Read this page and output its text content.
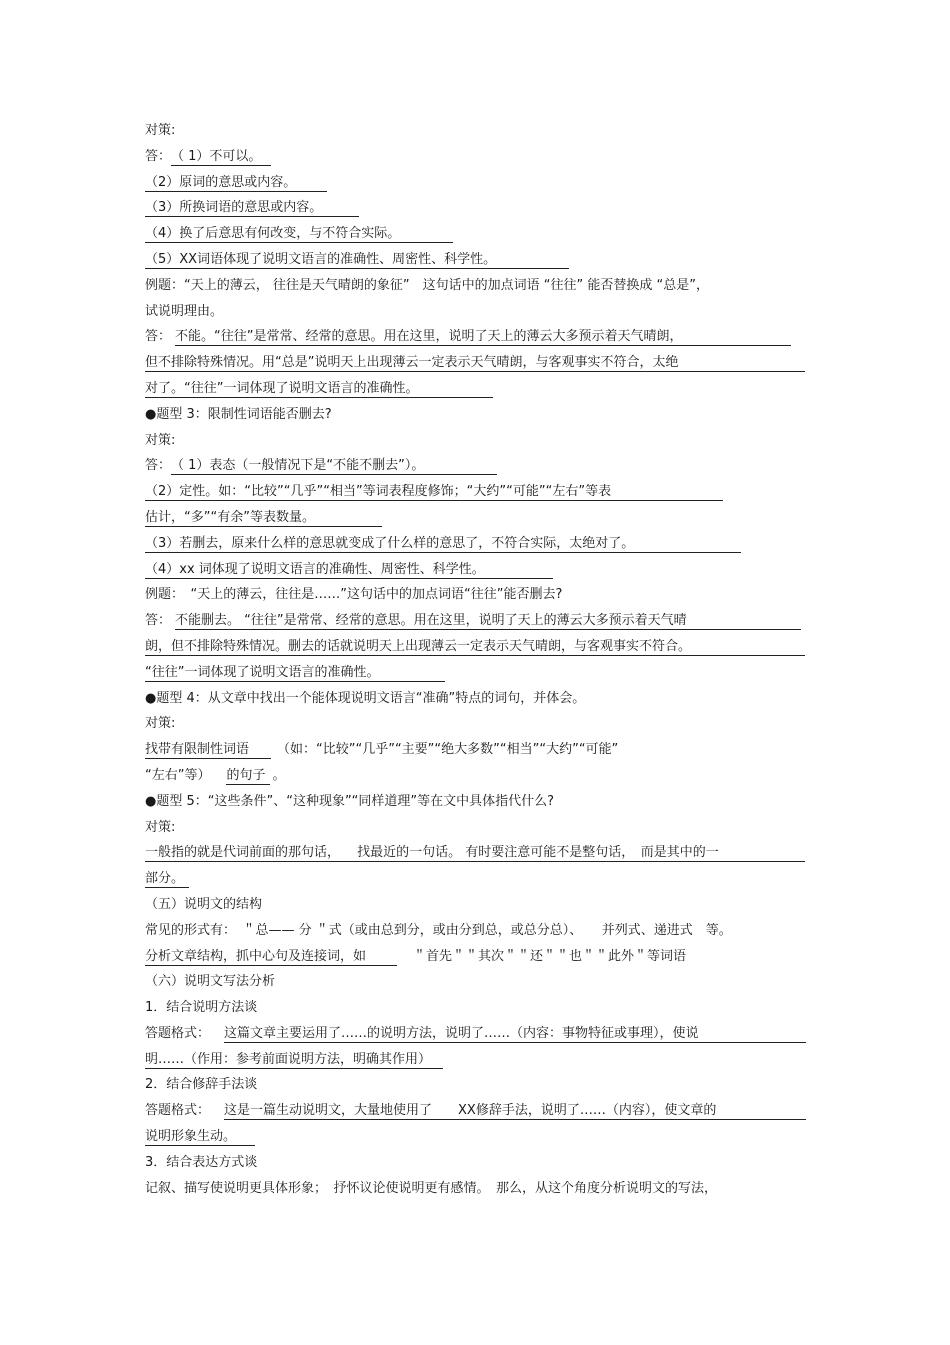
对策:
答：（ 1）不可以。
（2）原词的意思或内容。
（3）所换词语的意思或内容。
（4）换了后意思有何改变，与不符合实际。
（5）XX词语体现了说明文语言的准确性、周密性、科学性。
例题：“天上的薄云， 往往是天气晴朗的象征”　这句话中的加点词语 “往往” 能否替换成 “总是”，
试说明理由。
答： 不能。“往往”是常常、经常的意思。用在这里，说明了天上的薄云大多预示着天气晴朗，
但不排除特殊情况。用“总是”说明天上出现薄云一定表示天气晴朗，与客观事实不符合，太绝
对了。“往往”一词体现了说明文语言的准确性。
●题型 3：限制性词语能否删去?
对策:
答：（ 1）表态（一般情况下是“不能不删去”）。
（2）定性。如：“比较”“几乎”“相当”等词表程度修饰；“大约”“可能”“左右”等表
估计，“多”“有余”等表数量。
（3）若删去，原来什么样的意思就变成了什么样的意思了，不符合实际，太绝对了。
（4）xx 词体现了说明文语言的准确性、周密性、科学性。
例题：　“天上的薄云，往往是……”这句话中的加点词语“往往”能否删去?
答： 不能删去。 “往往”是常常、经常的意思。用在这里，说明了天上的薄云大多预示着天气晴
朗，但不排除特殊情况。删去的话就说明天上出现薄云一定表示天气晴朗，与客观事实不符合。
“往往”一词体现了说明文语言的准确性。
●题型 4：从文章中找出一个能体现说明文语言“准确”特点的词句，并体会。
对策:
找带有限制性词语 （如：“比较”“几乎”“主要”“绝大多数”“相当”“大约”“可能”
“左右”等） 的句子 。
●题型 5：“这些条件”、“这种现象”“同样道理”等在文中具体指代什么?
对策:
一般指的就是代词前面的那句话， 　找最近的一句话。 有时要注意可能不是整句话，　而是其中的一
部分。
（五）说明文的结构
常见的形式有：　＂总—— 分 ＂式（或由总到分，或由分到总，或总分总）、　　并列式、递进式　等。
分析文章结构，抓中心句及连接词，如	＂首先＂＂其次＂＂还＂＂也＂＂此外＂等词语
（六）说明文写法分析
1．结合说明方法谈
答题格式： 这篇文章主要运用了……的说明方法，说明了……（内容：事物特征或事理），使说
明……（作用：参考前面说明方法，明确其作用）
2．结合修辞手法谈
答题格式： 这是一篇生动说明文，大量地使用了　　XX修辞手法，说明了……（内容），使文章的
说明形象生动。
3．结合表达方式谈
记叙、描写使说明更具体形象；　抒怀议论使说明更有感情。　那么，从这个角度分析说明文的写法，
